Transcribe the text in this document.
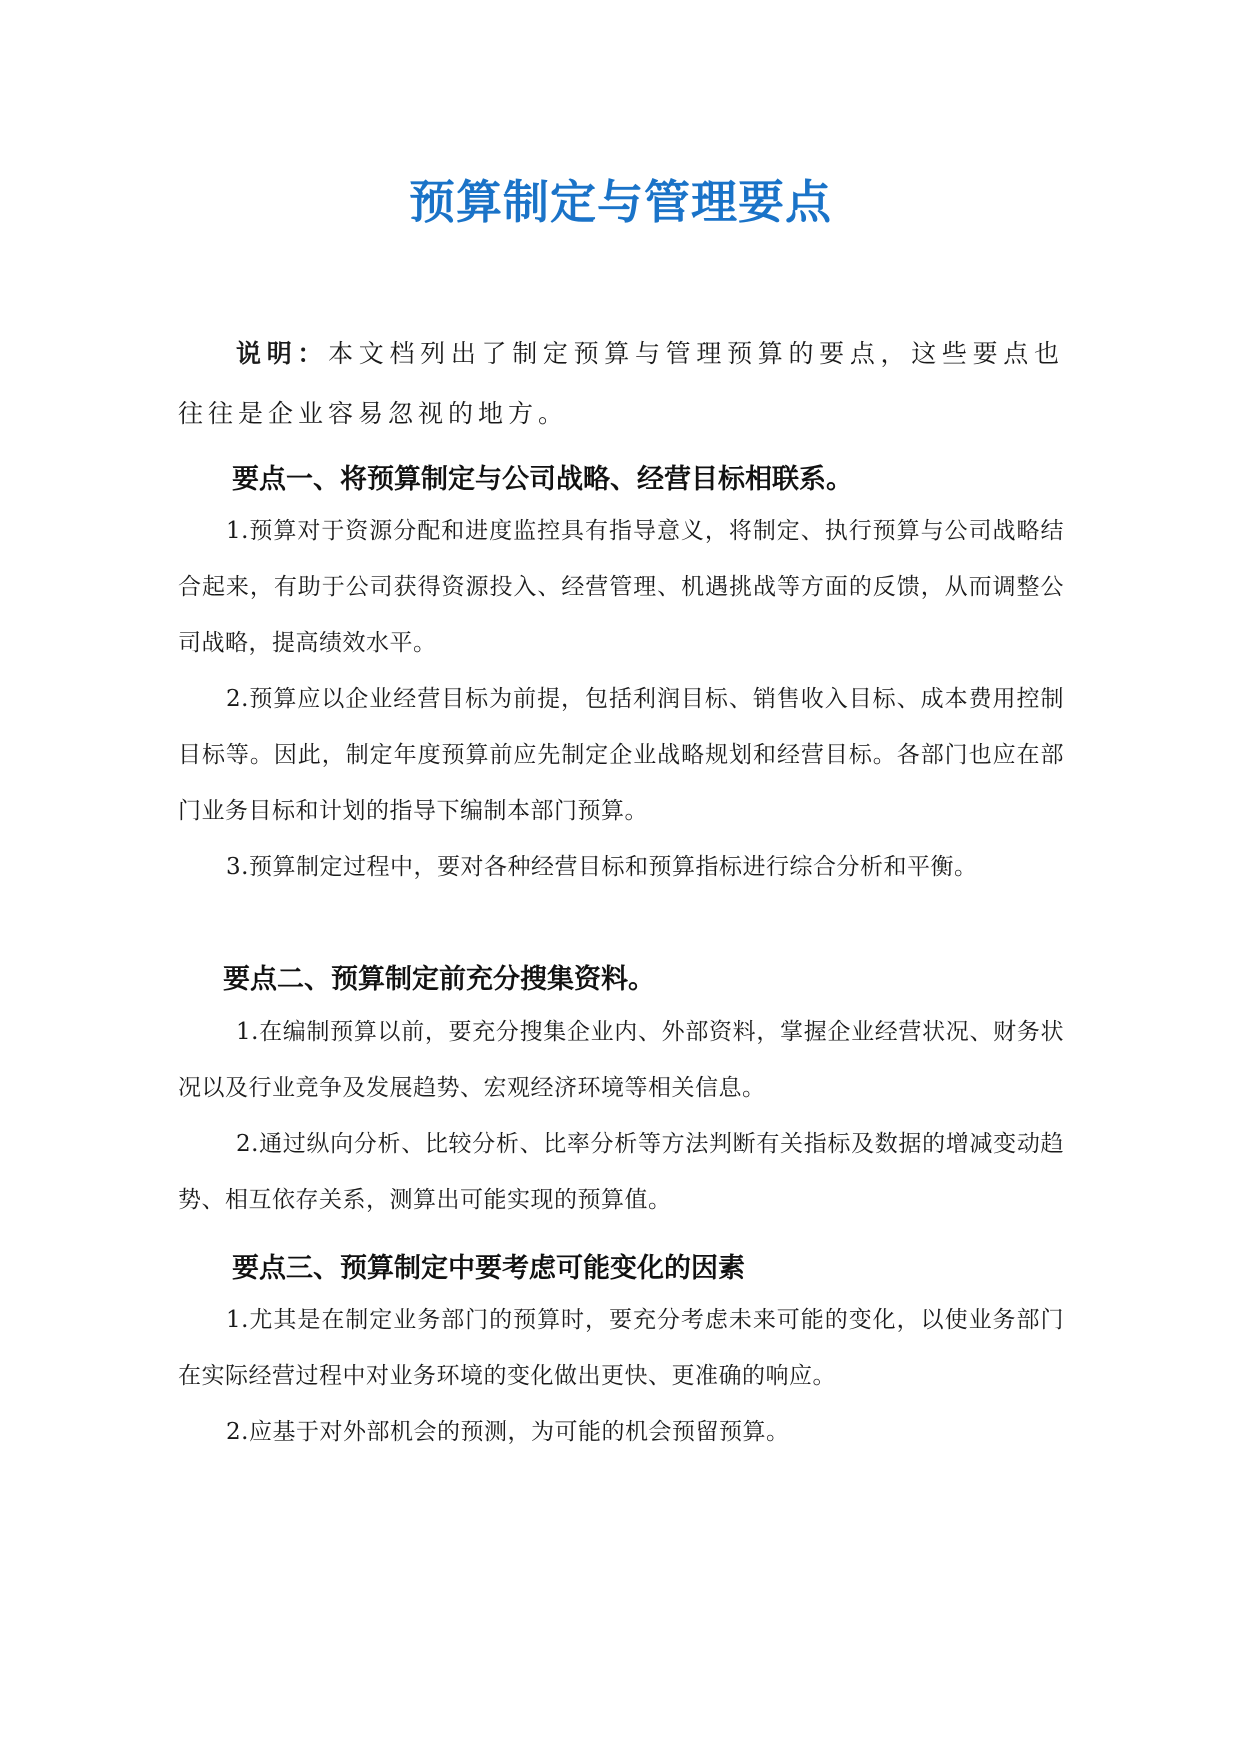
预算制定与管理要点
说明：本文档列出了制定预算与管理预算的要点，这些要点也往往是企业容易忽视的地方。
要点一、将预算制定与公司战略、经营目标相联系。
1.预算对于资源分配和进度监控具有指导意义，将制定、执行预算与公司战略结合起来，有助于公司获得资源投入、经营管理、机遇挑战等方面的反馈，从而调整公司战略，提高绩效水平。
2.预算应以企业经营目标为前提，包括利润目标、销售收入目标、成本费用控制目标等。因此，制定年度预算前应先制定企业战略规划和经营目标。各部门也应在部门业务目标和计划的指导下编制本部门预算。
3.预算制定过程中，要对各种经营目标和预算指标进行综合分析和平衡。
要点二、预算制定前充分搜集资料。
1.在编制预算以前，要充分搜集企业内、外部资料，掌握企业经营状况、财务状况以及行业竞争及发展趋势、宏观经济环境等相关信息。
2.通过纵向分析、比较分析、比率分析等方法判断有关指标及数据的增减变动趋势、相互依存关系，测算出可能实现的预算值。
要点三、预算制定中要考虑可能变化的因素
1.尤其是在制定业务部门的预算时，要充分考虑未来可能的变化，以使业务部门在实际经营过程中对业务环境的变化做出更快、更准确的响应。
2.应基于对外部机会的预测，为可能的机会预留预算。
